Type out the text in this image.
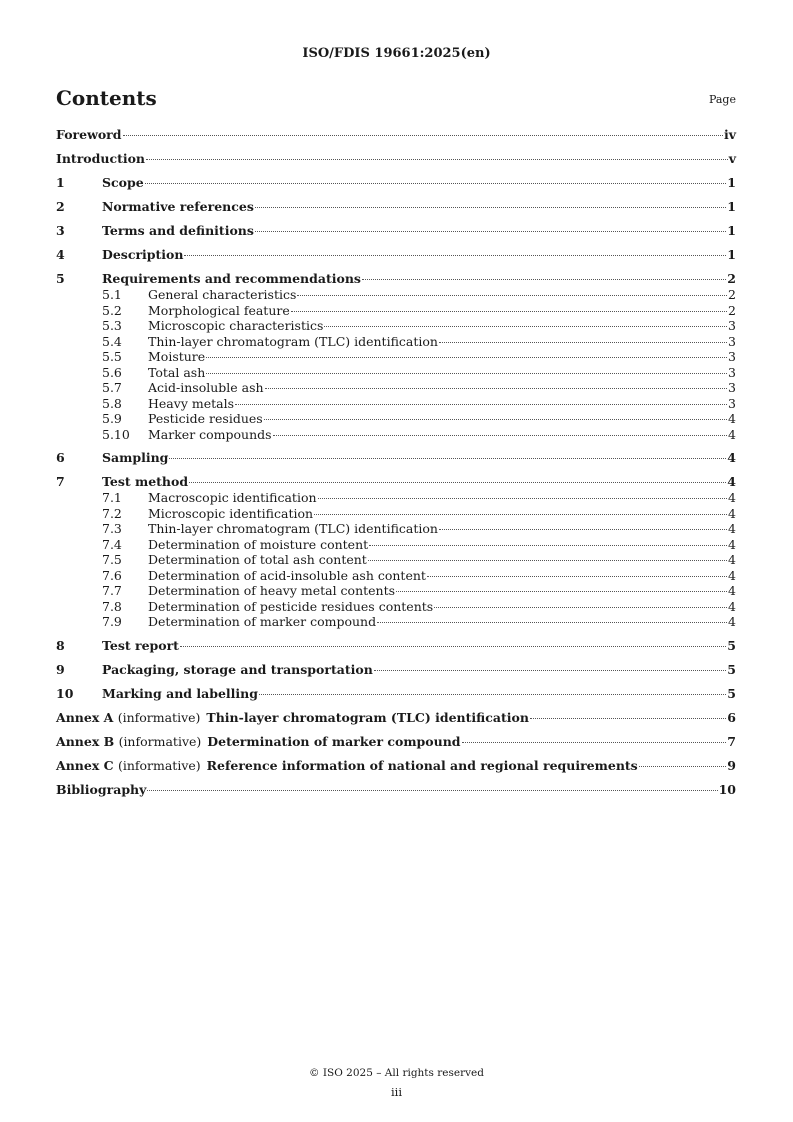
ISO/FDIS 19661:2025(en)
Contents	Page
Foreword	iv
Introduction	v
1	Scope	1
2	Normative references	1
3	Terms and definitions	1
4	Description	1
5	Requirements and recommendations	2
5.1	General characteristics	2
5.2	Morphological feature	2
5.3	Microscopic characteristics	3
5.4	Thin-layer chromatogram (TLC) identification	3
5.5	Moisture	3
5.6	Total ash	3
5.7	Acid-insoluble ash	3
5.8	Heavy metals	3
5.9	Pesticide residues	4
5.10	Marker compounds	4
6	Sampling	4
7	Test method	4
7.1	Macroscopic identification	4
7.2	Microscopic identification	4
7.3	Thin-layer chromatogram (TLC) identification	4
7.4	Determination of moisture content	4
7.5	Determination of total ash content	4
7.6	Determination of acid-insoluble ash content	4
7.7	Determination of heavy metal contents	4
7.8	Determination of pesticide residues contents	4
7.9	Determination of marker compound	4
8	Test report	5
9	Packaging, storage and transportation	5
10	Marking and labelling	5
Annex A (informative) Thin-layer chromatogram (TLC) identification	6
Annex B (informative) Determination of marker compound	7
Annex C (informative) Reference information of national and regional requirements	9
Bibliography	10
© ISO 2025 – All rights reserved
iii
